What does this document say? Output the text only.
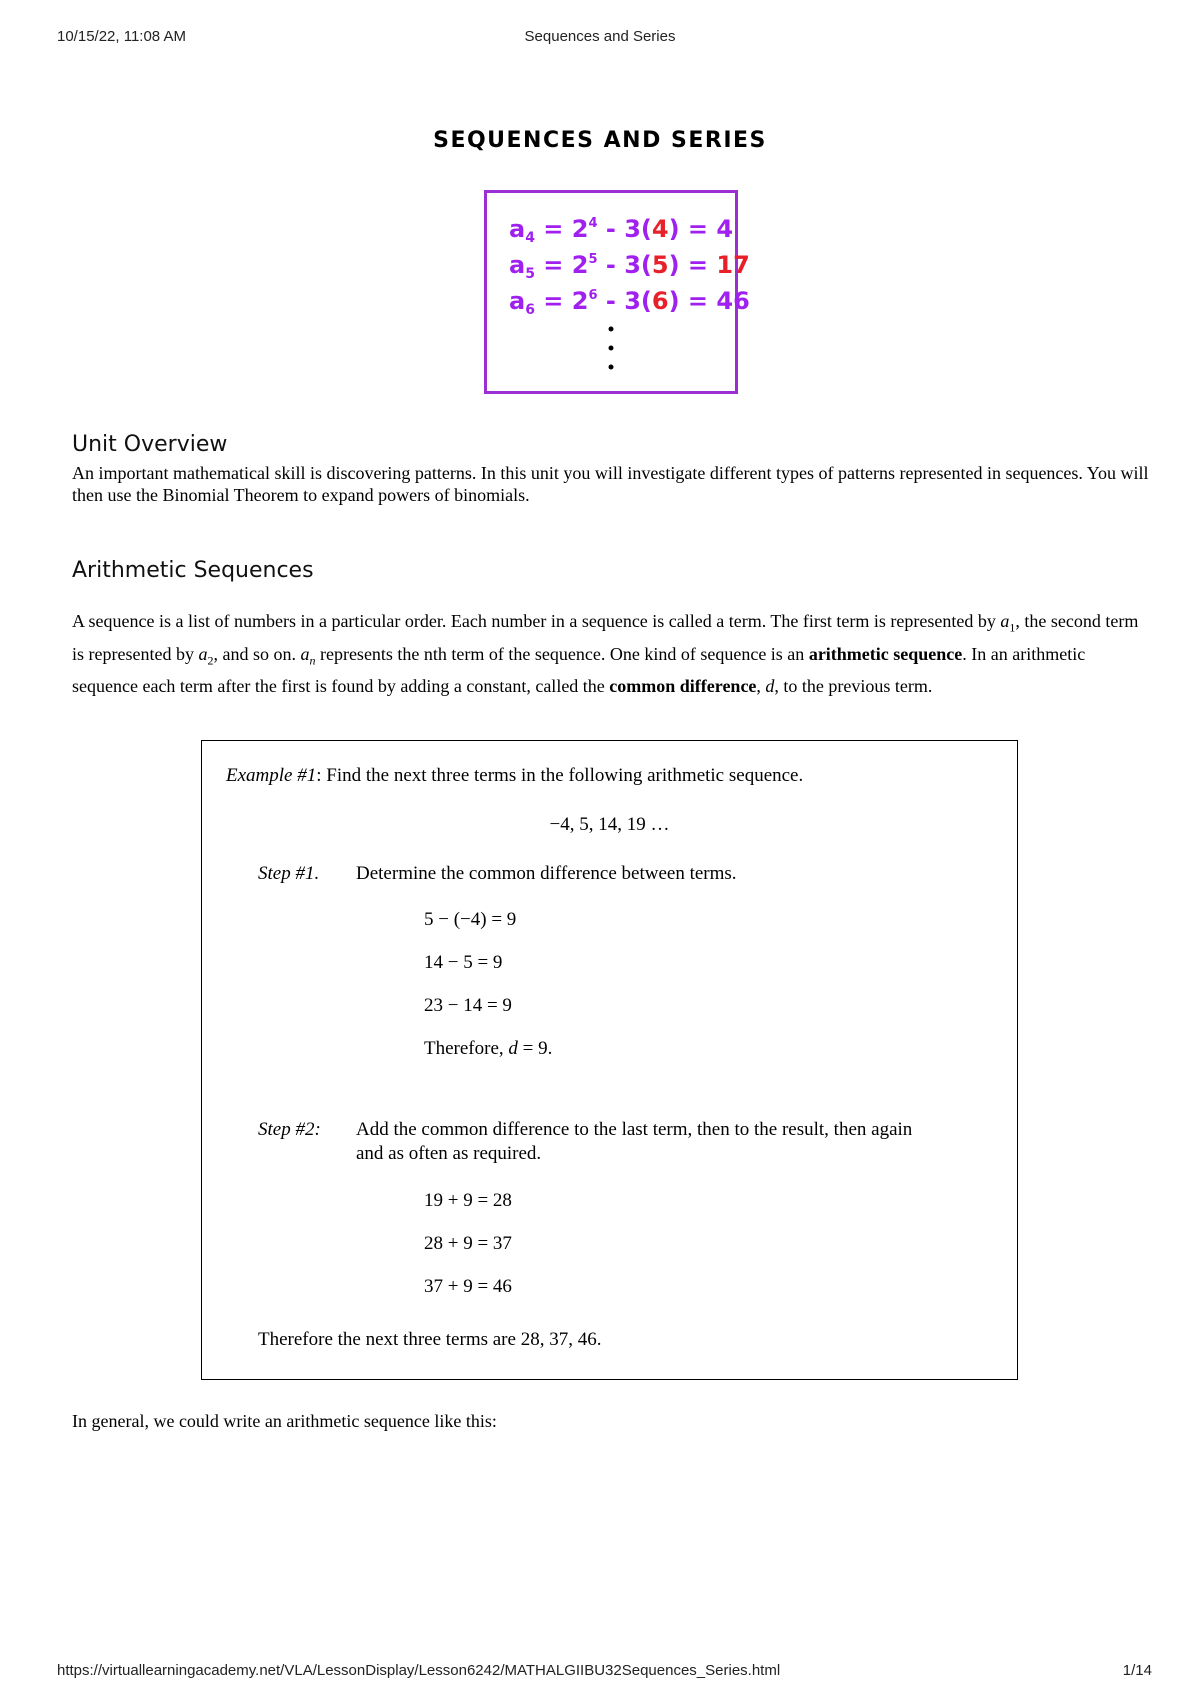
10/15/22, 11:08 AM	Sequences and Series
https://virtuallearningacademy.net/VLA/LessonDisplay/Lesson6242/MATHALGIIBU32Sequences_Series.html	1/14
SEQUENCES AND SERIES
$a_4 = 2^4 - 3(4) = 4$
$a_5 = 2^5 - 3(5) = 17$
$a_6 = 2^6 - 3(6) = 46$
Unit Overview
An important mathematical skill is discovering patterns. In this unit you will investigate different types of patterns represented in sequences. You will then use the Binomial Theorem to expand powers of binomials.
Arithmetic Sequences
A sequence is a list of numbers in a particular order. Each number in a sequence is called a term. The first term is represented by $a_1$, the second term is represented by $a_2$, and so on. $a_n$ represents the nth term of the sequence. One kind of sequence is an arithmetic sequence. In an arithmetic sequence each term after the first is found by adding a constant, called the common difference, d, to the previous term.
Example #1: Find the next three terms in the following arithmetic sequence.
−4, 5, 14, 19 …
Step #1. Determine the common difference between terms.
5 − (−4) = 9
14 − 5 = 9
23 − 14 = 9
Therefore, d = 9.
Step #2: Add the common difference to the last term, then to the result, then again
and as often as required.
19 + 9 = 28
28 + 9 = 37
37 + 9 = 46
Therefore the next three terms are 28, 37, 46.
In general, we could write an arithmetic sequence like this:
